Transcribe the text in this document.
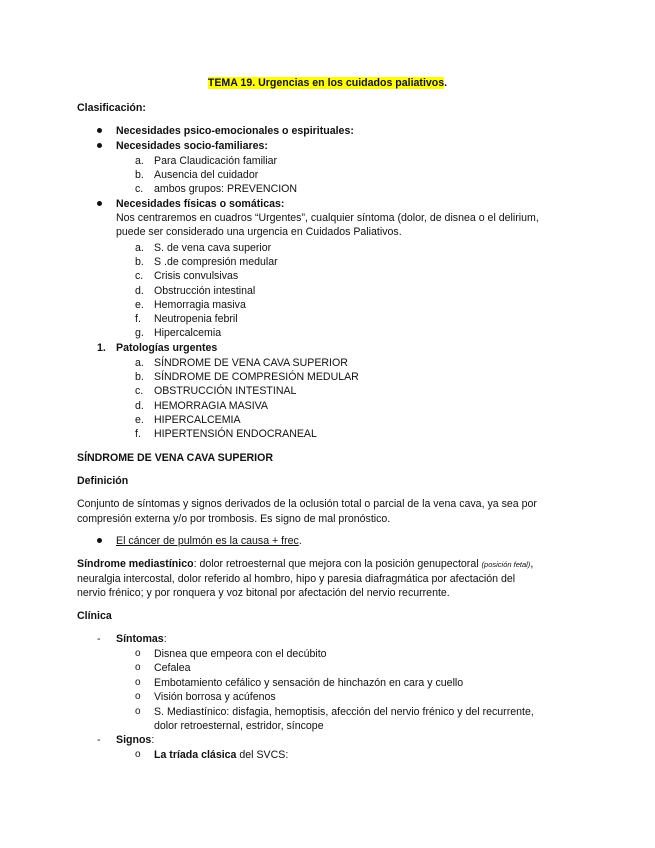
TEMA 19. Urgencias en los cuidados paliativos.
Clasificación:
Necesidades psico-emocionales o espirituales:
Necesidades socio-familiares:
a. Para Claudicación familiar
b. Ausencia del cuidador
c. ambos grupos: PREVENCION
Necesidades físicas o somáticas:
Nos centraremos en cuadros “Urgentes”, cualquier síntoma (dolor, de disnea o el delirium,
puede ser considerado una urgencia en Cuidados Paliativos.
a. S. de vena cava superior
b. S .de compresión medular
c. Crisis convulsivas
d. Obstrucción intestinal
e. Hemorragia masiva
f. Neutropenia febril
g. Hipercalcemia
1. Patologías urgentes
a. SÍNDROME DE VENA CAVA SUPERIOR
b. SÍNDROME DE COMPRESIÓN MEDULAR
c. OBSTRUCCIÓN INTESTINAL
d. HEMORRAGIA MASIVA
e. HIPERCALCEMIA
f. HIPERTENSIÓN ENDOCRANEAL
SÍNDROME DE VENA CAVA SUPERIOR
Definición
Conjunto de síntomas y signos derivados de la oclusión total o parcial de la vena cava, ya sea por
compresión externa y/o por trombosis. Es signo de mal pronóstico.
El cáncer de pulmón es la causa + frec.
Síndrome mediastínico: dolor retroesternal que mejora con la posición genupectoral (posición fetal),
neuralgia intercostal, dolor referido al hombro, hipo y paresia diafragmática por afectación del
nervio frénico; y por ronquera y voz bitonal por afectación del nervio recurrente.
Clínica
- Síntomas:
o Disnea que empeora con el decúbito
o Cefalea
o Embotamiento cefálico y sensación de hinchazón en cara y cuello
o Visión borrosa y acúfenos
o S. Mediastínico: disfagia, hemoptisis, afección del nervio frénico y del recurrente,
dolor retroesternal, estridor, síncope
- Signos:
o La tríada clásica del SVCS:
